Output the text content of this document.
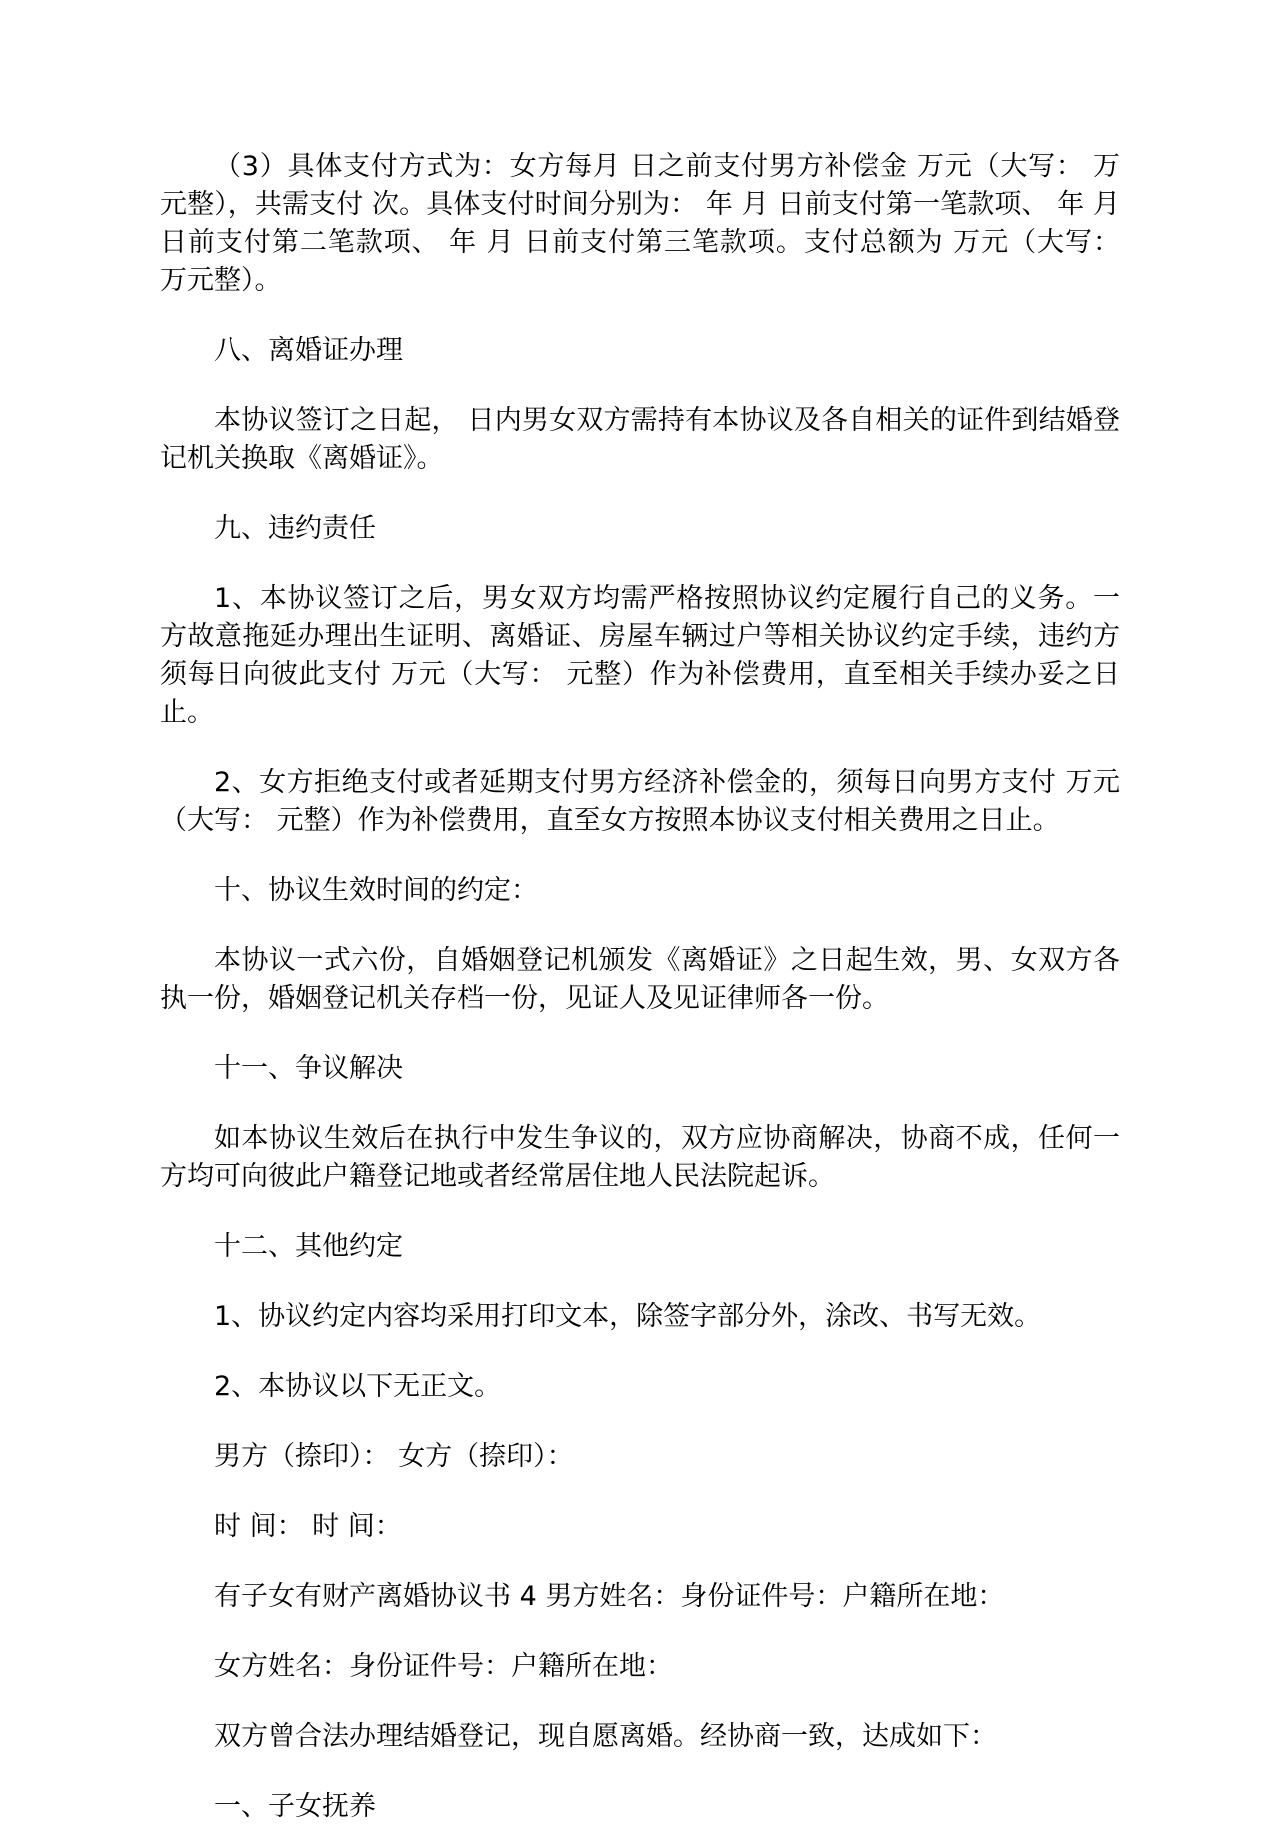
（3）具体支付方式为：女方每月 日之前支付男方补偿金 万元（大写： 万元整），共需支付 次。具体支付时间分别为： 年 月 日前支付第一笔款项、 年 月 日前支付第二笔款项、 年 月 日前支付第三笔款项。支付总额为 万元（大写： 万元整）。

八、离婚证办理

本协议签订之日起， 日内男女双方需持有本协议及各自相关的证件到结婚登记机关换取《离婚证》。

九、违约责任

1、本协议签订之后，男女双方均需严格按照协议约定履行自己的义务。一方故意拖延办理出生证明、离婚证、房屋车辆过户等相关协议约定手续，违约方须每日向彼此支付 万元（大写： 元整）作为补偿费用，直至相关手续办妥之日止。

2、女方拒绝支付或者延期支付男方经济补偿金的，须每日向男方支付 万元（大写： 元整）作为补偿费用，直至女方按照本协议支付相关费用之日止。

十、协议生效时间的约定：

本协议一式六份，自婚姻登记机颁发《离婚证》之日起生效，男、女双方各执一份，婚姻登记机关存档一份，见证人及见证律师各一份。

十一、争议解决

如本协议生效后在执行中发生争议的，双方应协商解决，协商不成，任何一方均可向彼此户籍登记地或者经常居住地人民法院起诉。

十二、其他约定

1、协议约定内容均采用打印文本，除签字部分外，涂改、书写无效。

2、本协议以下无正文。

男方（捺印）： 女方（捺印）：

时 间： 时 间：

有子女有财产离婚协议书 4 男方姓名：身份证件号：户籍所在地：

女方姓名：身份证件号：户籍所在地：

双方曾合法办理结婚登记，现自愿离婚。经协商一致，达成如下：

一、子女抚养
